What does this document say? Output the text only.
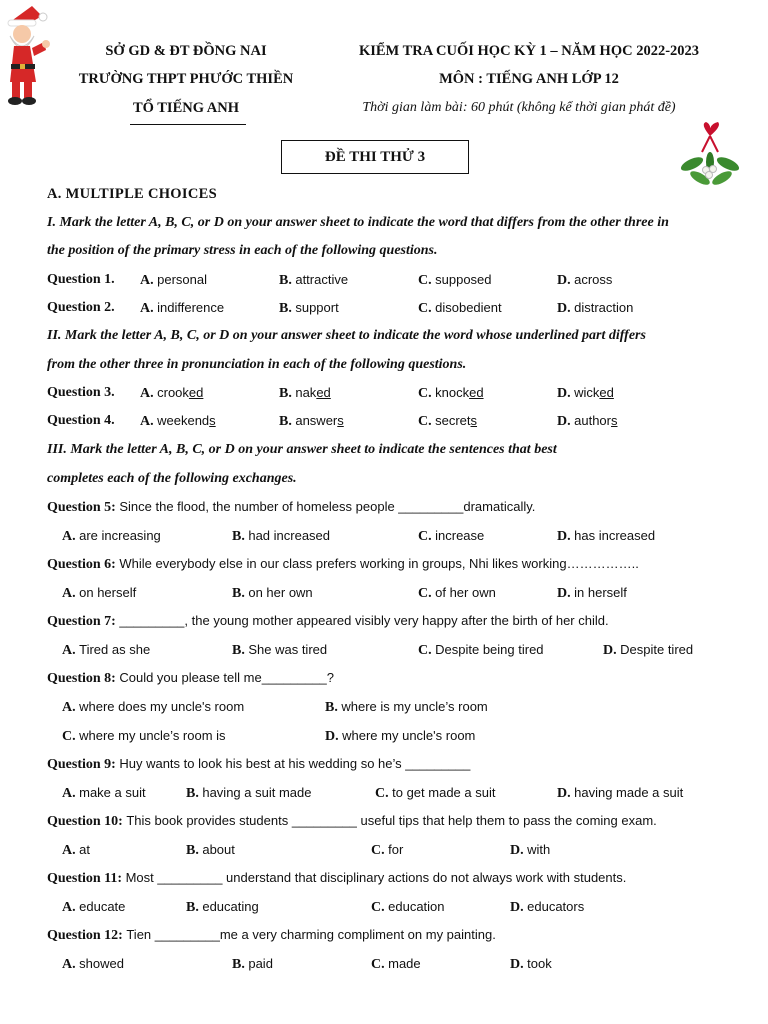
SỞ GD & ĐT ĐỒNG NAI
TRƯỜNG THPT PHƯỚC THIỀN
TỔ TIẾNG ANH
KIỂM TRA CUỐI HỌC KỲ 1 – NĂM HỌC 2022-2023
MÔN : TIẾNG ANH LỚP 12
Thời gian làm bài: 60 phút (không kể thời gian phát đề)
ĐỀ THI THỬ 3
A. MULTIPLE CHOICES
I. Mark the letter A, B, C, or D on your answer sheet to indicate the word that differs from the other three in
the position of the primary stress in each of the following questions.
Question 1. A. personal	B. attractive	C. supposed	D. across
Question 2. A. indifference	B. support	C. disobedient	D. distraction
II. Mark the letter A, B, C, or D on your answer sheet to indicate the word whose underlined part differs
from the other three in pronunciation in each of the following questions.
Question 3. A. crooked	B. naked	C. knocked	D. wicked
Question 4. A. weekends	B. answers	C. secrets	D. authors
III. Mark the letter A, B, C, or D on your answer sheet to indicate the sentences that best
completes each of the following exchanges.
Question 5: Since the flood, the number of homeless people _________dramatically.
A. are increasing	B. had increased	C. increase	D. has increased
Question 6: While everybody else in our class prefers working in groups, Nhi likes working……………..
A. on herself	B. on her own	C. of her own	D. in herself
Question 7: _________, the young mother appeared visibly very happy after the birth of her child.
A. Tired as she	B. She was tired	C. Despite being tired	D. Despite tired
Question 8: Could you please tell me_________?
A. where does my uncle's room	B. where is my uncle’s room
C. where my uncle’s room is	D. where my uncle's room
Question 9: Huy wants to look his best at his wedding so he’s _________
A. make a suit	B. having a suit made	C. to get made a suit	D. having made a suit
Question 10: This book provides students _________ useful tips that help them to pass the coming exam.
A. at	B. about	C. for	D. with
Question 11: Most _________ understand that disciplinary actions do not always work with students.
A. educate	B. educating	C. education	D. educators
Question 12: Tien _________me a very charming compliment on my painting.
A. showed	B. paid	C. made	D. took
